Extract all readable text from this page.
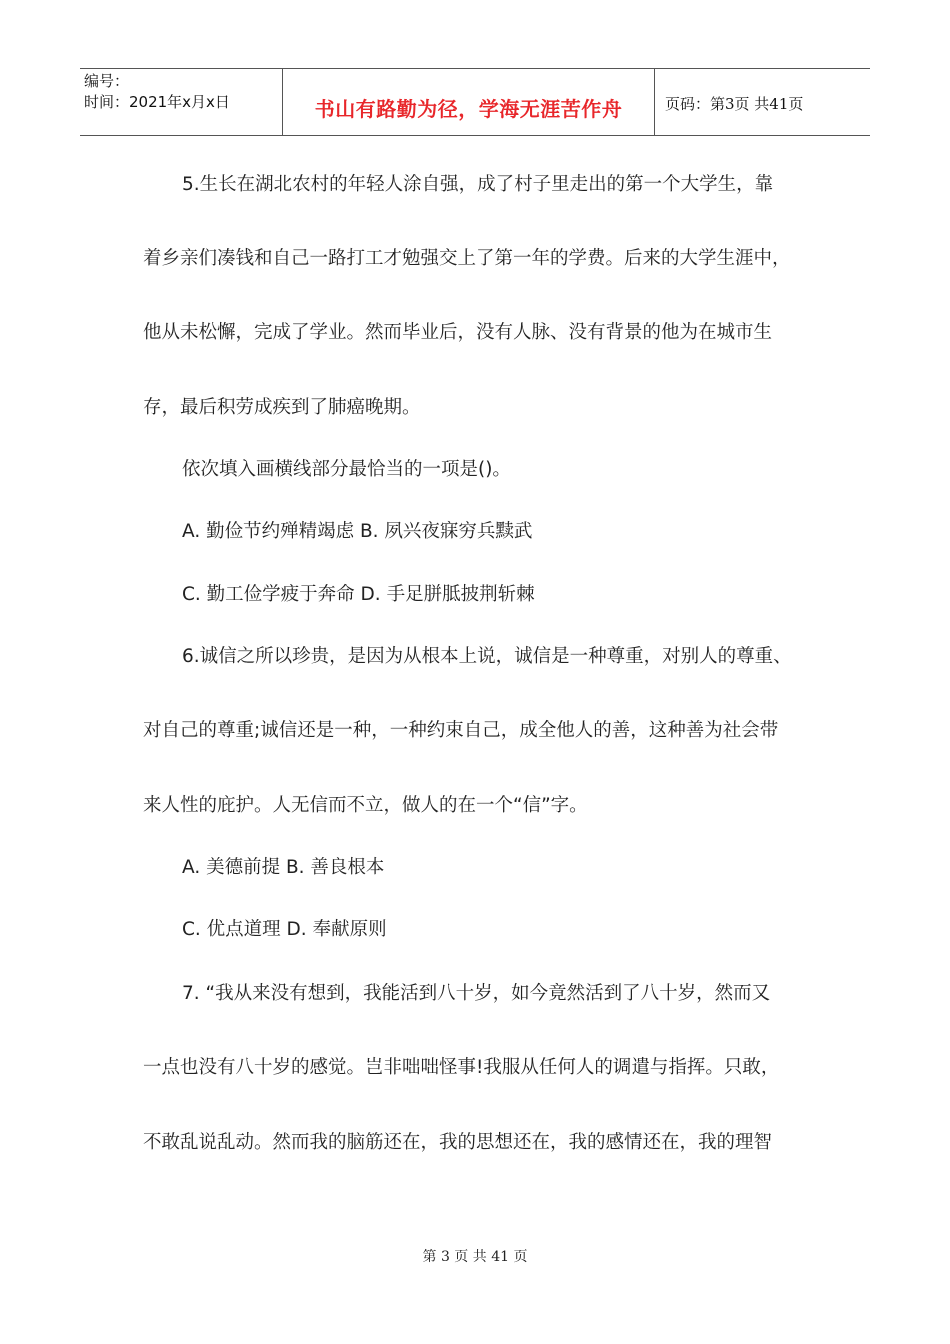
编号：
时间：2021年x月x日	书山有路勤为径，学海无涯苦作舟	页码：第3页 共41页
5.生长在湖北农村的年轻人涂自强，成了村子里走出的第一个大学生，靠
着乡亲们凑钱和自己一路打工才勉强交上了第一年的学费。后来的大学生涯中，
他从未松懈，完成了学业。然而毕业后，没有人脉、没有背景的他为在城市生
存，最后积劳成疾到了肺癌晚期。
依次填入画横线部分最恰当的一项是()。
A. 勤俭节约殚精竭虑 B. 夙兴夜寐穷兵黩武
C. 勤工俭学疲于奔命 D. 手足胼胝披荆斩棘
6.诚信之所以珍贵，是因为从根本上说，诚信是一种尊重，对别人的尊重、
对自己的尊重;诚信还是一种，一种约束自己，成全他人的善，这种善为社会带
来人性的庇护。人无信而不立，做人的在一个“信”字。
A. 美德前提 B. 善良根本
C. 优点道理 D. 奉献原则
7. “我从来没有想到，我能活到八十岁，如今竟然活到了八十岁，然而又
一点也没有八十岁的感觉。岂非咄咄怪事!我服从任何人的调遣与指挥。只敢，
不敢乱说乱动。然而我的脑筋还在，我的思想还在，我的感情还在，我的理智
第 3 页 共 41 页
